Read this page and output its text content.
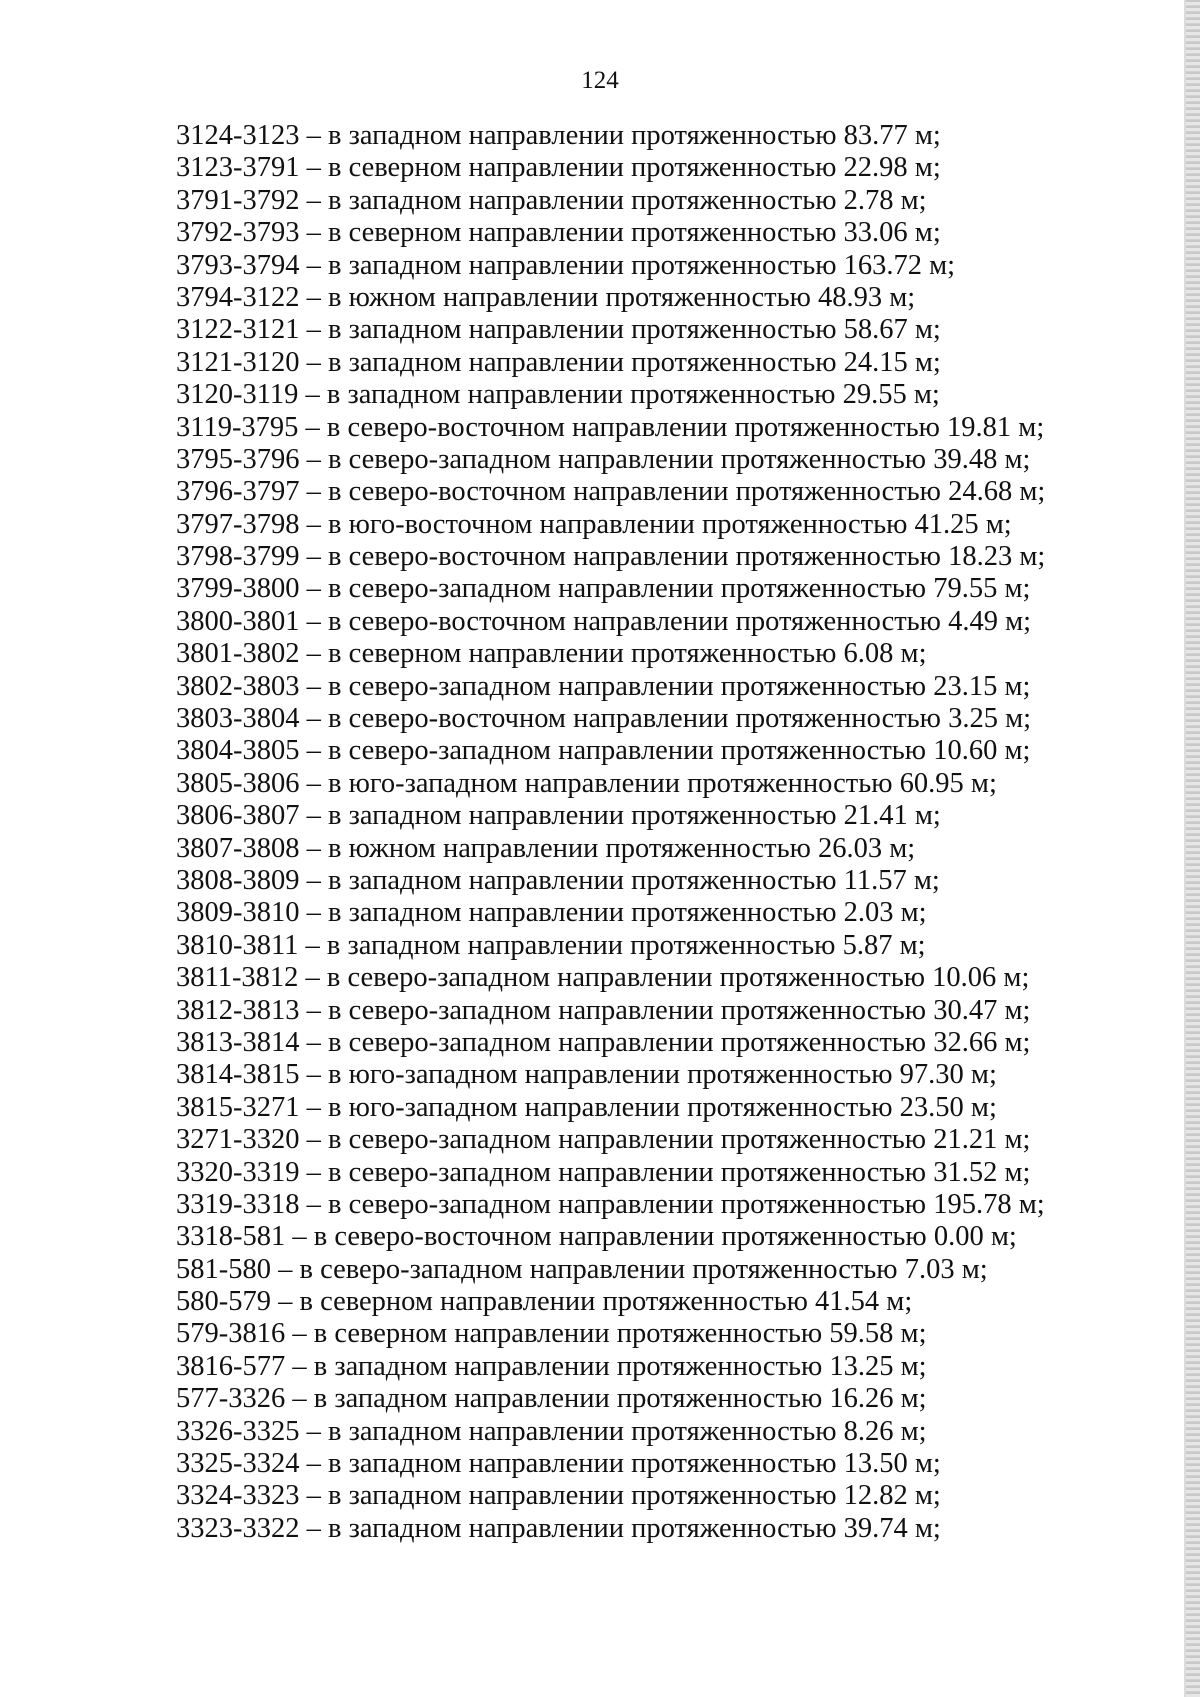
124
3124-3123 – в западном направлении протяженностью 83.77 м;
3123-3791 – в северном направлении протяженностью 22.98 м;
3791-3792 – в западном направлении протяженностью 2.78 м;
3792-3793 – в северном направлении протяженностью 33.06 м;
3793-3794 – в западном направлении протяженностью 163.72 м;
3794-3122 – в южном направлении протяженностью 48.93 м;
3122-3121 – в западном направлении протяженностью 58.67 м;
3121-3120 – в западном направлении протяженностью 24.15 м;
3120-3119 – в западном направлении протяженностью 29.55 м;
3119-3795 – в северо-восточном направлении протяженностью 19.81 м;
3795-3796 – в северо-западном направлении протяженностью 39.48 м;
3796-3797 – в северо-восточном направлении протяженностью 24.68 м;
3797-3798 – в юго-восточном направлении протяженностью 41.25 м;
3798-3799 – в северо-восточном направлении протяженностью 18.23 м;
3799-3800 – в северо-западном направлении протяженностью 79.55 м;
3800-3801 – в северо-восточном направлении протяженностью 4.49 м;
3801-3802 – в северном направлении протяженностью 6.08 м;
3802-3803 – в северо-западном направлении протяженностью 23.15 м;
3803-3804 – в северо-восточном направлении протяженностью 3.25 м;
3804-3805 – в северо-западном направлении протяженностью 10.60 м;
3805-3806 – в юго-западном направлении протяженностью 60.95 м;
3806-3807 – в западном направлении протяженностью 21.41 м;
3807-3808 – в южном направлении протяженностью 26.03 м;
3808-3809 – в западном направлении протяженностью 11.57 м;
3809-3810 – в западном направлении протяженностью 2.03 м;
3810-3811 – в западном направлении протяженностью 5.87 м;
3811-3812 – в северо-западном направлении протяженностью 10.06 м;
3812-3813 – в северо-западном направлении протяженностью 30.47 м;
3813-3814 – в северо-западном направлении протяженностью 32.66 м;
3814-3815 – в юго-западном направлении протяженностью 97.30 м;
3815-3271 – в юго-западном направлении протяженностью 23.50 м;
3271-3320 – в северо-западном направлении протяженностью 21.21 м;
3320-3319 – в северо-западном направлении протяженностью 31.52 м;
3319-3318 – в северо-западном направлении протяженностью 195.78 м;
3318-581 – в северо-восточном направлении протяженностью 0.00 м;
581-580 – в северо-западном направлении протяженностью 7.03 м;
580-579 – в северном направлении протяженностью 41.54 м;
579-3816 – в северном направлении протяженностью 59.58 м;
3816-577 – в западном направлении протяженностью 13.25 м;
577-3326 – в западном направлении протяженностью 16.26 м;
3326-3325 – в западном направлении протяженностью 8.26 м;
3325-3324 – в западном направлении протяженностью 13.50 м;
3324-3323 – в западном направлении протяженностью 12.82 м;
3323-3322 – в западном направлении протяженностью 39.74 м;
